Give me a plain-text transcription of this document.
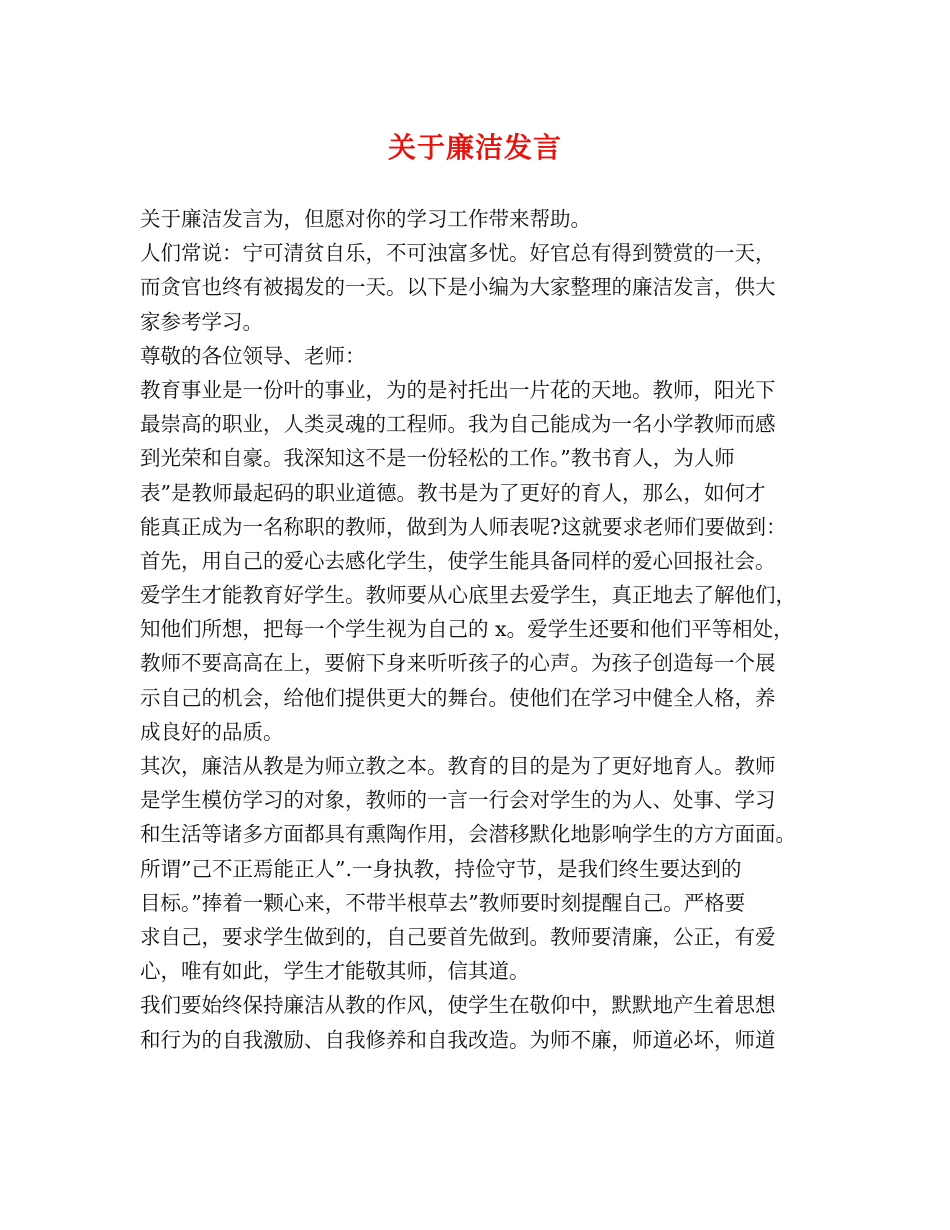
关于廉洁发言
关于廉洁发言为，但愿对你的学习工作带来帮助。
人们常说：宁可清贫自乐，不可浊富多忧。好官总有得到赞赏的一天，
而贪官也终有被揭发的一天。以下是小编为大家整理的廉洁发言，供大
家参考学习。
尊敬的各位领导、老师：
教育事业是一份叶的事业，为的是衬托出一片花的天地。教师，阳光下
最崇高的职业，人类灵魂的工程师。我为自己能成为一名小学教师而感
到光荣和自豪。我深知这不是一份轻松的工作。”教书育人，为人师
表”是教师最起码的职业道德。教书是为了更好的育人，那么，如何才
能真正成为一名称职的教师，做到为人师表呢?这就要求老师们要做到：
首先，用自己的爱心去感化学生，使学生能具备同样的爱心回报社会。
爱学生才能教育好学生。教师要从心底里去爱学生，真正地去了解他们，
知他们所想，把每一个学生视为自己的 x。爱学生还要和他们平等相处，
教师不要高高在上，要俯下身来听听孩子的心声。为孩子创造每一个展
示自己的机会，给他们提供更大的舞台。使他们在学习中健全人格，养
成良好的品质。
其次，廉洁从教是为师立教之本。教育的目的是为了更好地育人。教师
是学生模仿学习的对象，教师的一言一行会对学生的为人、处事、学习
和生活等诸多方面都具有熏陶作用，会潜移默化地影响学生的方方面面。
所谓”己不正焉能正人”.一身执教，持俭守节，是我们终生要达到的
目标。”捧着一颗心来，不带半根草去”教师要时刻提醒自己。严格要
求自己，要求学生做到的，自己要首先做到。教师要清廉，公正，有爱
心，唯有如此，学生才能敬其师，信其道。
我们要始终保持廉洁从教的作风，使学生在敬仰中，默默地产生着思想
和行为的自我激励、自我修养和自我改造。为师不廉，师道必坏，师道
